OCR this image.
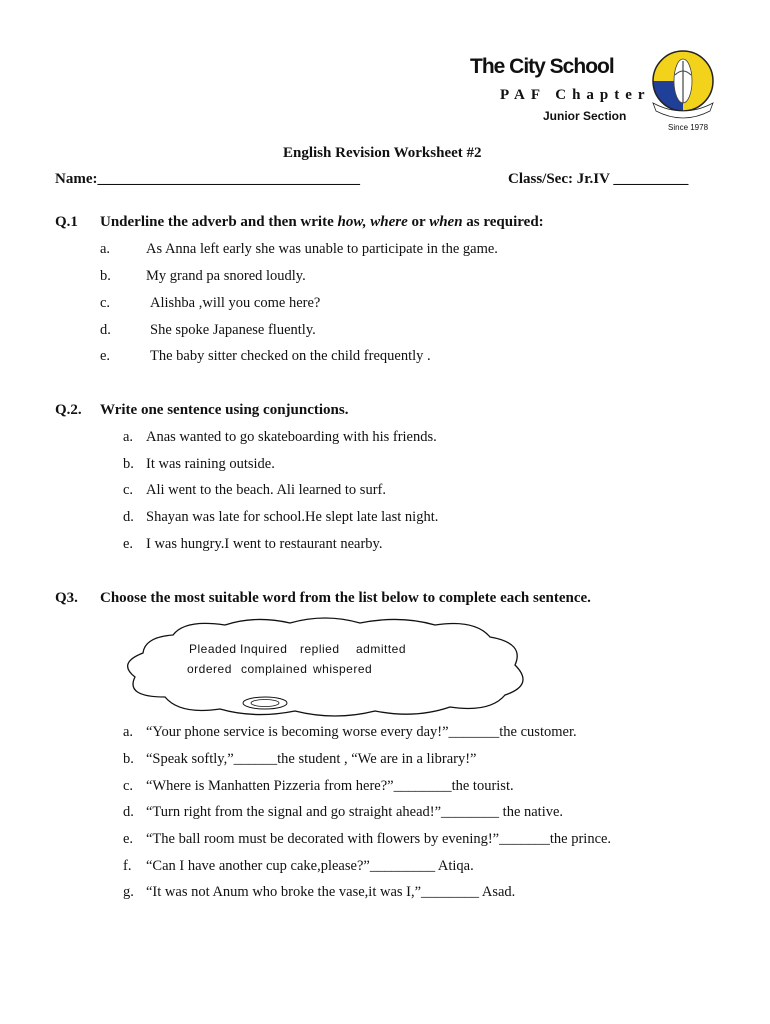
The City School
PAF Chapter
Junior Section
Since 1978
English Revision Worksheet #2
Name:___________________________________	Class/Sec: Jr.IV __________
Q.1 Underline the adverb and then write how, where or when as required:
a. As Anna left early she was unable to participate in the game.
b. My grand pa snored loudly.
c.	Alishba ,will you come here?
d.	She spoke Japanese fluently.
e.	The baby sitter checked on the child frequently .
Q.2. Write one sentence using conjunctions.
a. Anas wanted to go skateboarding with his friends.
b. It was raining outside.
c. Ali went to the beach. Ali learned to surf.
d. Shayan was late for school.He slept late last night.
e. I was hungry.I went to restaurant nearby.
Q3. Choose the most suitable word from the list below to complete each sentence.
Pleaded Inquired replied admitted
ordered complained whispered
a. “Your phone service is becoming worse every day!”_______the customer.
b. “Speak softly,”______the student , “We are in a library!”
c. “Where is Manhatten Pizzeria from here?”________the tourist.
d. “Turn right from the signal and go straight ahead!”________ the native.
e. “The ball room must be decorated with flowers by evening!”_______the prince.
f. “Can I have another cup cake,please?”_________ Atiqa.
g. “It was not Anum who broke the vase,it was I,”________ Asad.
